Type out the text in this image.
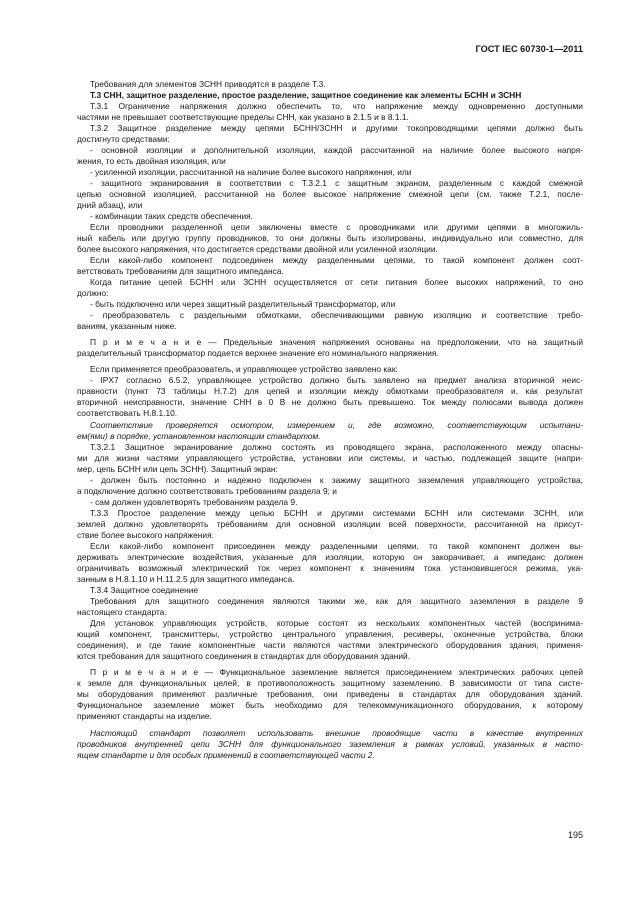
ГОСТ IEC 60730-1—2011
Требования для элементов ЗСНН приводятся в разделе Т.3.
Т.3 СНН, защитное разделение, простое разделение, защитное соединение как элементы БСНН и ЗСНН
Т.3.1 Ограничение напряжения должно обеспечить то, что напряжение между одновременно доступными
частями не превышает соответствующие пределы СНН, как указано в 2.1.5 и в 8.1.1.
Т.3.2 Защитное разделение между цепями БСНН/ЗСНН и другими токопроводящими цепями должно быть
достигнуто средствами:
- основной изоляции и дополнительной изоляции, каждой рассчитанной на наличие более высокого напря-
жения, то есть двойная изоляция, или
- усиленной изоляции, рассчитанной на наличие более высокого напряжения, или
- защитного экранирования в соответствии с Т.3.2.1 с защитным экраном, разделенным с каждой смежной
цепью основной изоляцией, рассчитанной на более высокое напряжение смежной цепи (см. также Т.2.1, после-
дний абзац), или
- комбинации таких средств обеспечения.
Если проводники разделенной цепи заключены вместе с проводниками или другими цепями в многожиль-
ный кабель или другую группу проводников, то они должны быть изолированы, индивидуально или совместно, для
более высокого напряжения, что достигается средствами двойной или усиленной изоляции.
Если какой-либо компонент подсоединен между разделенными цепями, то такой компонент должен соот-
ветствовать требованиям для защитного импеданса.
Когда питание цепей БСНН или ЗСНН осуществляется от сети питания более высоких напряжений, то оно
должно:
- быть подключено или через защитный разделительный трансформатор, или
- преобразователь с раздельными обмотками, обеспечивающими равную изоляцию и соответствие требо-
ваниям, указанным ниже.
П р и м е ч а н и е — Предельные значения напряжения основаны на предположении, что на защитный
разделительный трансформатор подается верхнее значение его номинального напряжения.
Если применяется преобразователь, и управляющее устройство заявлено как:
- IPX7 согласно 6.5.2, управляющее устройство должно быть заявлено на предмет анализа вторичной неис-
правности (пункт 73 таблицы Н.7.2) для цепей и изоляции между обмотками преобразователя и, как результат
вторичной неисправности, значение СНН в 0 В не должно быть превышено. Ток между полюсами вывода должен
соответствовать Н.8.1.10.
Соответствие проверяется осмотром, измерением и, где возможно, соответствующим испытани-
ем(ями) в порядке, установленном настоящим стандартом.
Т.3.2.1 Защитное экранирование должно состоять из проводящего экрана, расположенного между опасны-
ми для жизни частями управляющего устройства, установки или системы, и частью, подлежащей защите (напри-
мер, цепь БСНН или цепь ЗСНН). Защитный экран:
- должен быть постоянно и надежно подключен к зажиму защитного заземления управляющего устройства,
а подключение должно соответствовать требованиям раздела 9; и
- сам должен удовлетворять требованиям раздела 9.
Т.3.3 Простое разделение между цепью БСНН и другими системами БСНН или системами ЗСНН, или
землей должно удовлетворять требованиям для основной изоляции всей поверхности, рассчитанной на присут-
ствие более высокого напряжения.
Если какой-либо компонент присоединен между разделенными цепями, то такой компонент должен вы-
держивать электрические воздействия, указанные для изоляции, которую он закорачивает, а импеданс должен
ограничивать возможный электрический ток через компонент к значениям тока установившегося режима, ука-
занным в Н.8.1.10 и Н.11.2.5 для защитного импеданса.
Т.3.4 Защитное соединение
Требования для защитного соединения являются такими же, как для защитного заземления в разделе 9
настоящего стандарта.
Для установок управляющих устройств, которые состоят из нескольких компонентных частей (воспринима-
ющий компонент, трансмиттеры, устройство центрального управления, ресиверы, оконечные устройства, блоки
соединения), и где такие компонентные части являются частями электрического оборудования здания, применя-
ются требования для защитного соединения в стандартах для оборудования зданий.
П р и м е ч а н и е — Функциональное заземление является присоединением электрических рабочих цепей
к земле для функциональных целей, в противоположность защитному заземлению. В зависимости от типа систе-
мы оборудования применяют различные требования, они приведены в стандартах для оборудования зданий.
Функциональное заземление может быть необходимо для телекоммуникационного оборудования, к которому
применяют стандарты на изделие.
Настоящий стандарт позволяет использовать внешние проводящие части в качестве внутренних
проводников внутренней цепи ЗСНН для функционального заземления в рамках условий, указанных в насто-
ящем стандарте и для особых применений в соответствующей части 2.
195
